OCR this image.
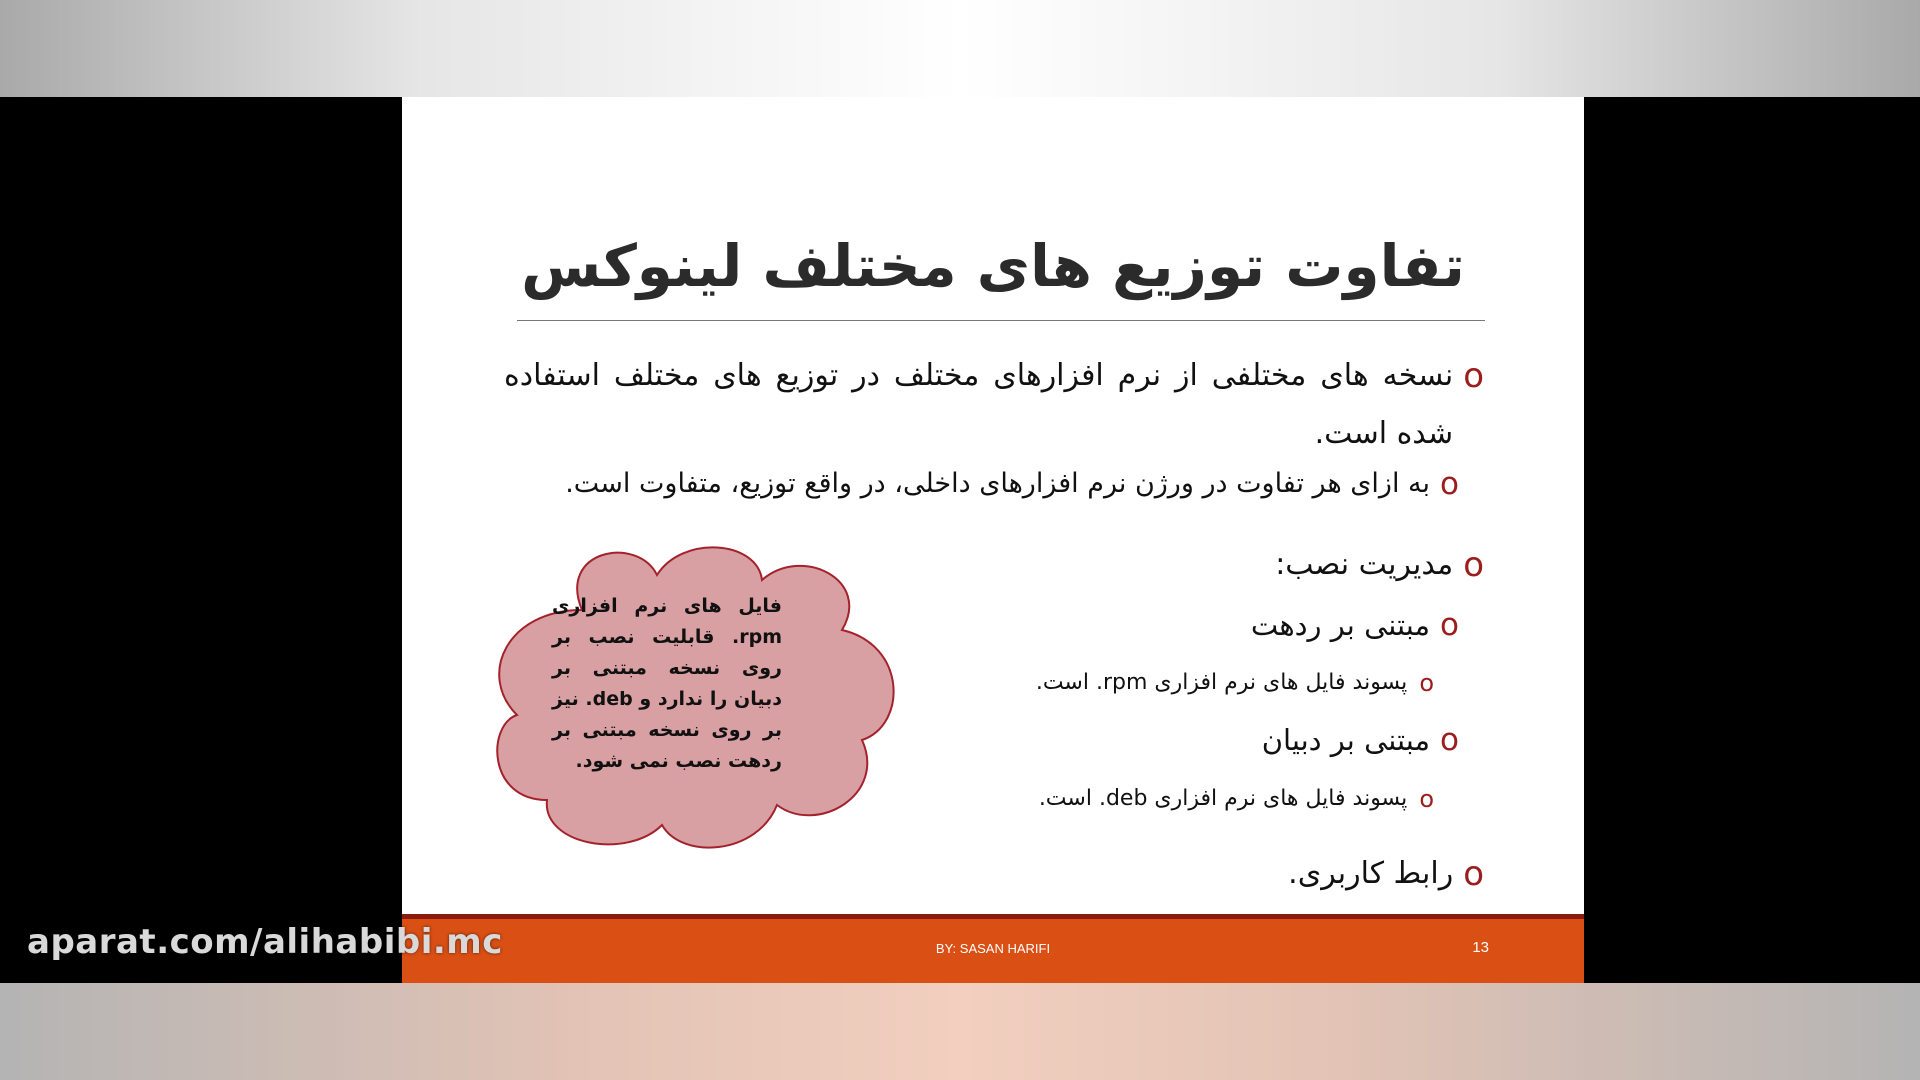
تفاوت توزیع های مختلف لینوکس
o
نسخه های مختلفی از نرم افزارهای مختلف در توزیع های مختلف استفاده شده است.
o
به ازای هر تفاوت در ورژن نرم افزارهای داخلی، در واقع توزیع، متفاوت است.
o
مدیریت نصب:
o
مبتنی بر ردهت
o
پسوند فایل های نرم افزاری rpm. است.
o
مبتنی بر دبیان
o
پسوند فایل های نرم افزاری deb. است.
o
رابط کاربری.
فایل های نرم افزاری rpm. قابلیت نصب بر روی نسخه مبتنی بر دبیان را ندارد و deb. نیز بر روی نسخه مبتنی بر ردهت نصب نمی شود.
BY: SASAN HARIFI	13
aparat.com/alihabibi.mc
